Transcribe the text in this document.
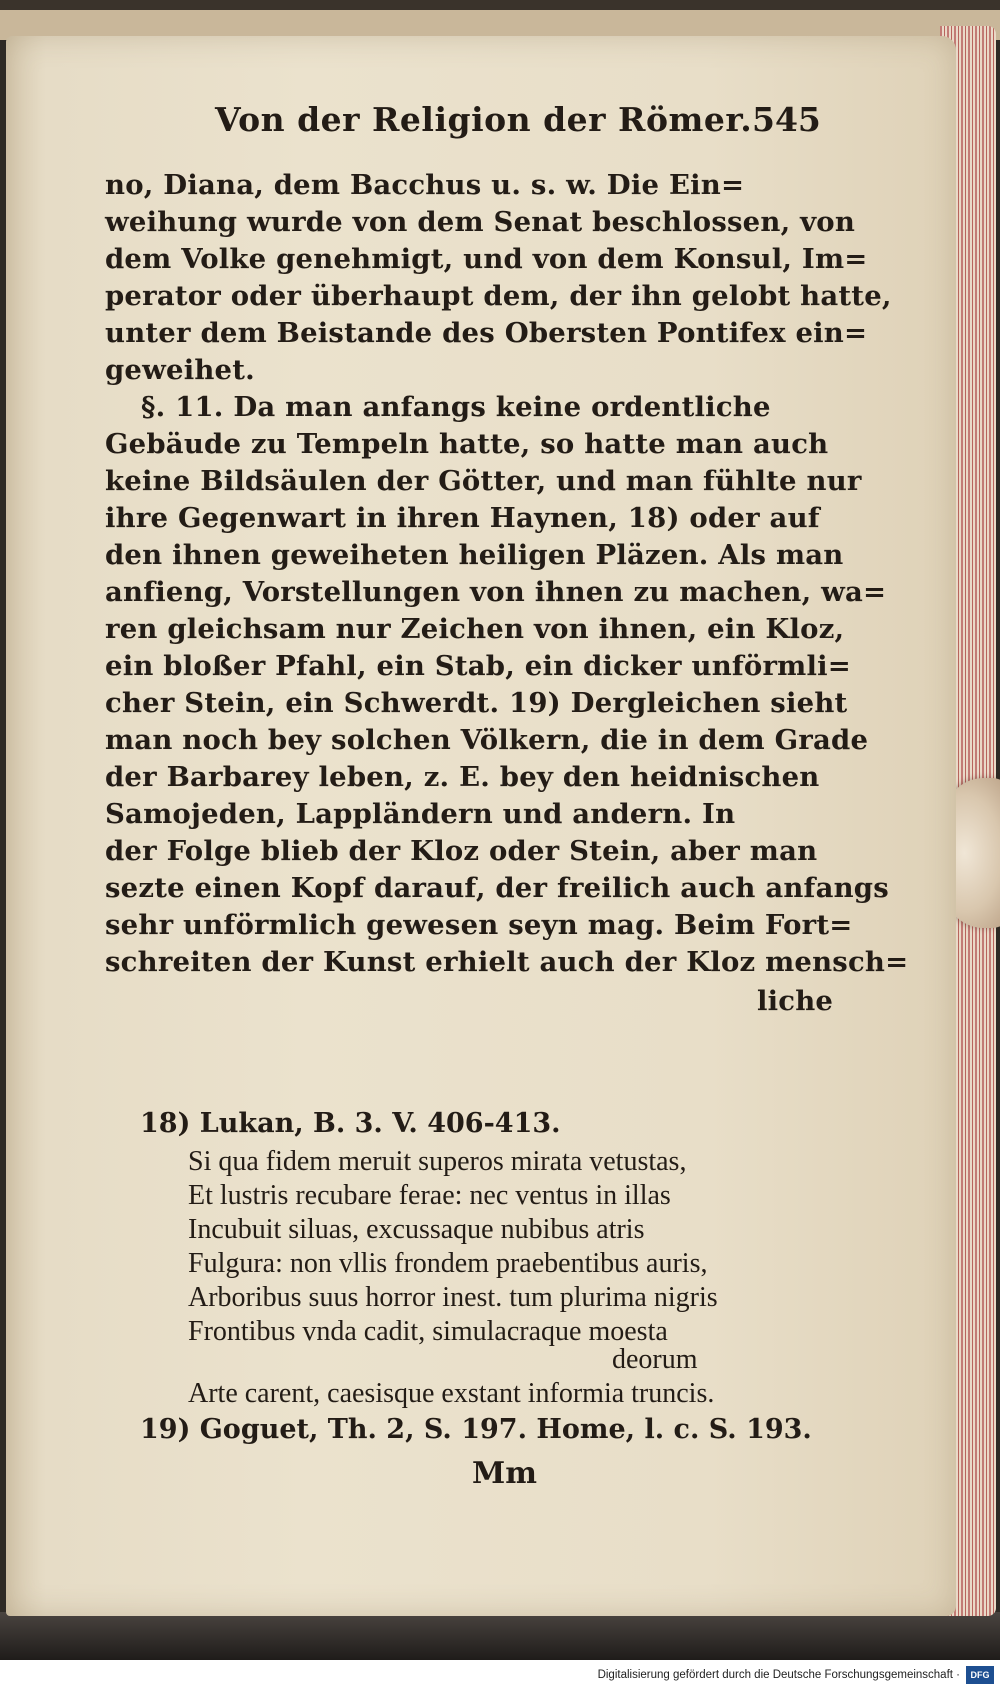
Von der Religion der Römer. 545

no, Diana, dem Bacchus u. s. w. Die Ein=

weihung wurde von dem Senat beschlossen, von

dem Volke genehmigt, und von dem Konsul, Im=

perator oder überhaupt dem, der ihn gelobt hatte,

unter dem Beistande des Obersten Pontifex ein=

geweihet.

§. 11. Da man anfangs keine ordentliche

Gebäude zu Tempeln hatte, so hatte man auch

keine Bildsäulen der Götter, und man fühlte nur

ihre Gegenwart in ihren Haynen, 18) oder auf

den ihnen geweiheten heiligen Pläzen. Als man

anfieng, Vorstellungen von ihnen zu machen, wa=

ren gleichsam nur Zeichen von ihnen, ein Kloz,

ein bloßer Pfahl, ein Stab, ein dicker unförmli=

cher Stein, ein Schwerdt. 19) Dergleichen sieht

man noch bey solchen Völkern, die in dem Grade

der Barbarey leben, z. E. bey den heidnischen

Samojeden, Lappländern und andern. In

der Folge blieb der Kloz oder Stein, aber man

sezte einen Kopf darauf, der freilich auch anfangs

sehr unförmlich gewesen seyn mag. Beim Fort=

schreiten der Kunst erhielt auch der Kloz mensch=

liche

18) Lukan, B. 3. V. 406-413.

Si qua fidem meruit superos mirata vetustas,

Et lustris recubare ferae: nec ventus in illas

Incubuit siluas, excussaque nubibus atris

Fulgura: non vllis frondem praebentibus auris,

Arboribus suus horror inest. tum plurima nigris

Frontibus vnda cadit, simulacraque moesta

deorum

Arte carent, caesisque exstant informia truncis.

19) Goguet, Th. 2, S. 197. Home, l. c. S. 193.

Mm
Digitalisierung gefördert durch die Deutsche Forschungsgemeinschaft ·	DFG
